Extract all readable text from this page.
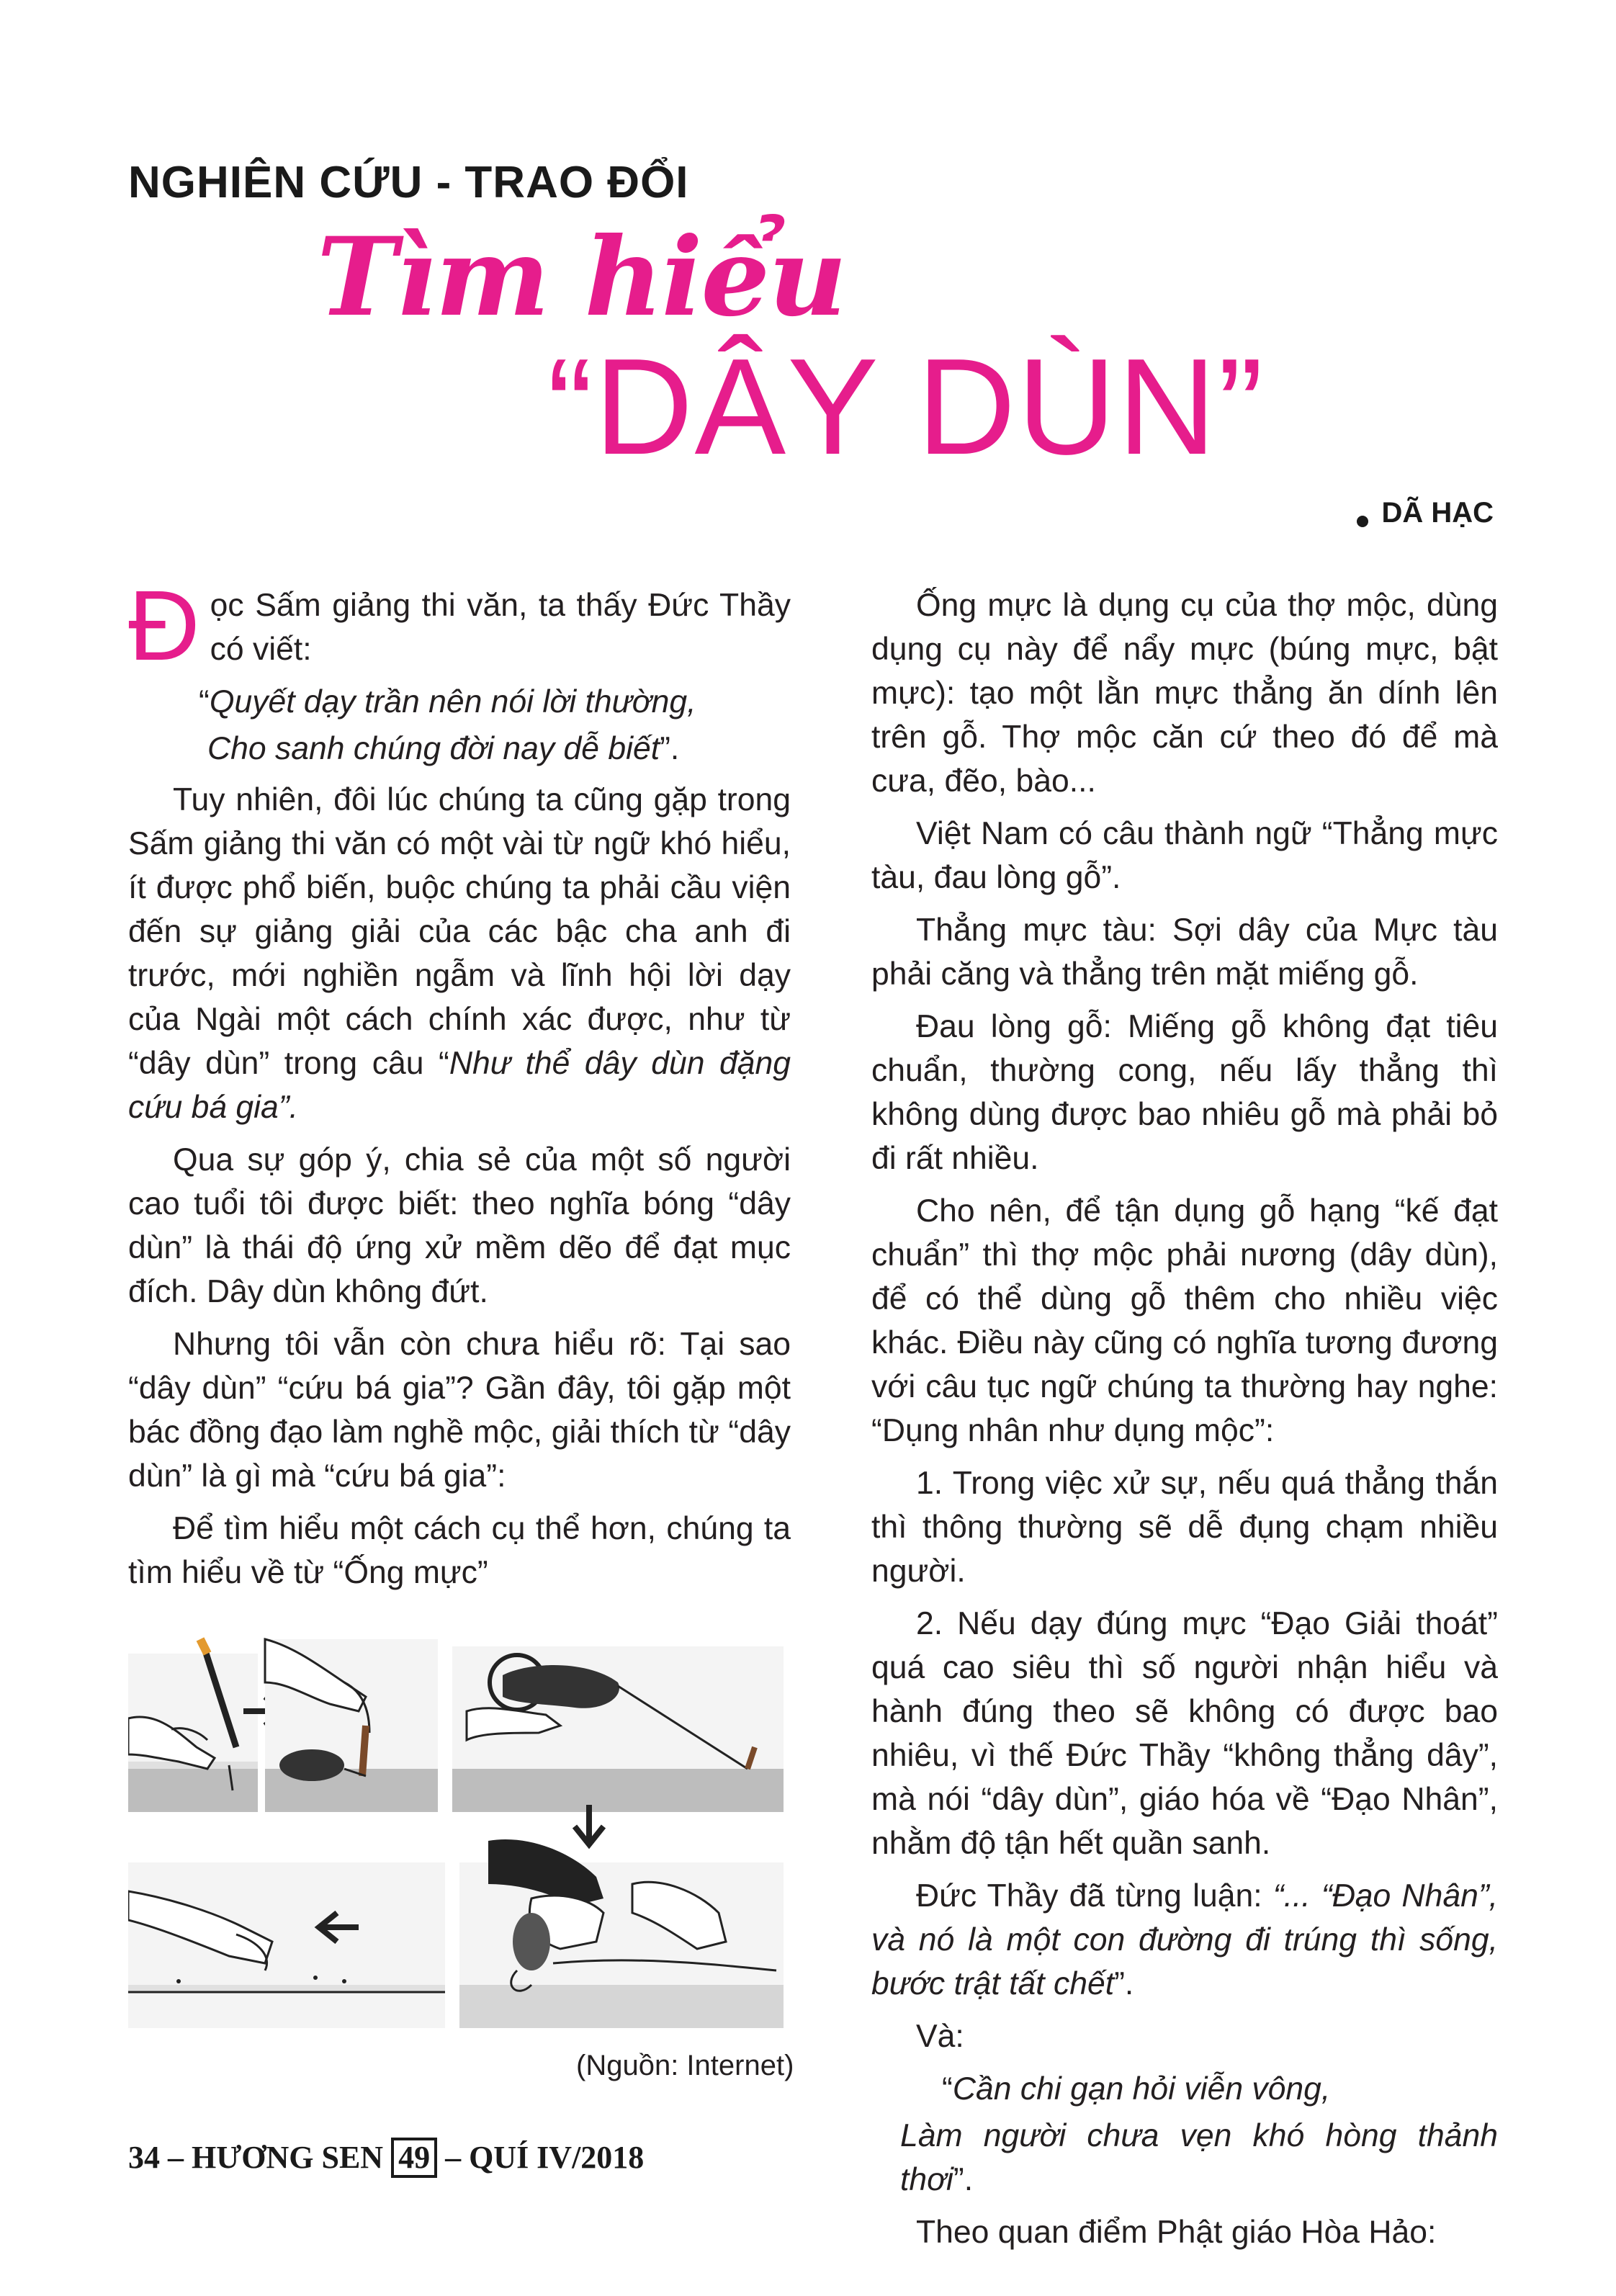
NGHIÊN CỨU - TRAO ĐỔI
Tìm hiểu
“DÂY DÙN”
DÃ HẠC

Đọc Sấm giảng thi văn, ta thấy Đức Thầy có viết:

“Quyết dạy trần nên nói lời thường,

Cho sanh chúng đời nay dễ biết”.

Tuy nhiên, đôi lúc chúng ta cũng gặp trong Sấm giảng thi văn có một vài từ ngữ khó hiểu, ít được phổ biến, buộc chúng ta phải cầu viện đến sự giảng giải của các bậc cha anh đi trước, mới nghiền ngẫm và lĩnh hội lời dạy của Ngài một cách chính xác được, như từ “dây dùn” trong câu “Như thể dây dùn đặng cứu bá gia”.

Qua sự góp ý, chia sẻ của một số người cao tuổi tôi được biết: theo nghĩa bóng “dây dùn” là thái độ ứng xử mềm dẽo để đạt mục đích. Dây dùn không đứt.

Nhưng tôi vẫn còn chưa hiểu rõ: Tại sao “dây dùn” “cứu bá gia”? Gần đây, tôi gặp một bác đồng đạo làm nghề mộc, giải thích từ “dây dùn” là gì mà “cứu bá gia”:

Để tìm hiểu một cách cụ thể hơn, chúng ta tìm hiểu về từ “Ống mực”

(Nguồn: Internet)

Ống mực là dụng cụ của thợ mộc, dùng dụng cụ này để nẩy mực (búng mực, bật mực): tạo một lằn mực thẳng ăn dính lên trên gỗ. Thợ mộc căn cứ theo đó để mà cưa, đẽo, bào...

Việt Nam có câu thành ngữ “Thẳng mực tàu, đau lòng gỗ”.

Thẳng mực tàu: Sợi dây của Mực tàu phải căng và thẳng trên mặt miếng gỗ.

Đau lòng gỗ: Miếng gỗ không đạt tiêu chuẩn, thường cong, nếu lấy thẳng thì không dùng được bao nhiêu gỗ mà phải bỏ đi rất nhiều.

Cho nên, để tận dụng gỗ hạng “kế đạt chuẩn” thì thợ mộc phải nương (dây dùn), để có thể dùng gỗ thêm cho nhiều việc khác. Điều này cũng có nghĩa tương đương với câu tục ngữ chúng ta thường hay nghe: “Dụng nhân như dụng mộc”:

1. Trong việc xử sự, nếu quá thẳng thắn thì thông thường sẽ dễ đụng chạm nhiều người.

2. Nếu dạy đúng mực “Đạo Giải thoát” quá cao siêu thì số người nhận hiểu và hành đúng theo sẽ không có được bao nhiêu, vì thế Đức Thầy “không thẳng dây”, mà nói “dây dùn”, giáo hóa về “Đạo Nhân”, nhằm độ tận hết quần sanh.

Đức Thầy đã từng luận: “... “Đạo Nhân”, và nó là một con đường đi trúng thì sống, bước trật tất chết”.

Và:

“Cần chi gạn hỏi viễn vông,

Làm người chưa vẹn khó hòng thảnh thơi”.

Theo quan điểm Phật giáo Hòa Hảo:

34 – HƯƠNG SEN 49 – QUÍ IV/2018
